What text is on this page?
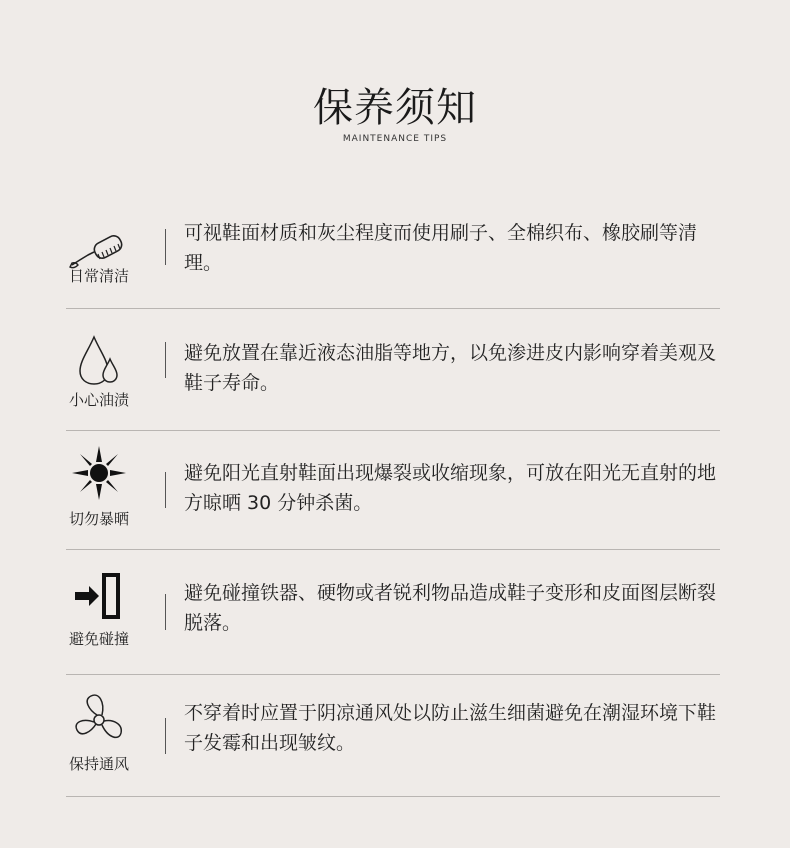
保养须知
MAINTENANCE TIPS
日常清洁
可视鞋面材质和灰尘程度而使用刷子、全棉织布、橡胶刷等清理。
小心油渍
避免放置在靠近液态油脂等地方，以免渗进皮内影响穿着美观及鞋子寿命。
切勿暴晒
避免阳光直射鞋面出现爆裂或收缩现象，可放在阳光无直射的地方晾晒 30 分钟杀菌。
避免碰撞
避免碰撞铁器、硬物或者锐利物品造成鞋子变形和皮面图层断裂脱落。
保持通风
不穿着时应置于阴凉通风处以防止滋生细菌避免在潮湿环境下鞋子发霉和出现皱纹。
